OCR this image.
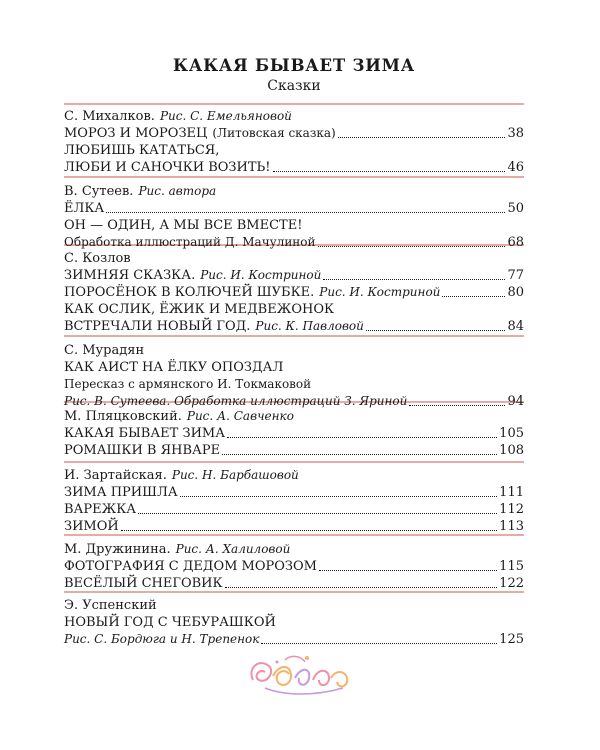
КАКАЯ БЫВАЕТ ЗИМА

Сказки

С. Михалков. Рис. С. Емельяновой
МОРОЗ И МОРОЗЕЦ (Литовская сказка)	38
ЛЮБИШЬ КАТАТЬСЯ,
ЛЮБИ И САНОЧКИ ВОЗИТЬ!	46
В. Сутеев. Рис. автора
ЁЛКА	50
ОН — ОДИН, А МЫ ВСЕ ВМЕСТЕ!
Обработка иллюстраций Д. Мачулиной	68
С. Козлов
ЗИМНЯЯ СКАЗКА. Рис. И. Костриной	77
ПОРОСЁНОК В КОЛЮЧЕЙ ШУБКЕ. Рис. И. Костриной	80
КАК ОСЛИК, ЁЖИК И МЕДВЕЖОНОК
ВСТРЕЧАЛИ НОВЫЙ ГОД. Рис. К. Павловой	84
С. Мурадян
КАК АИСТ НА ЁЛКУ ОПОЗДАЛ
Пересказ с армянского И. Токмаковой
Рис. В. Сутеева. Обработка иллюстраций З. Яриной	94
М. Пляцковский. Рис. А. Савченко
КАКАЯ БЫВАЕТ ЗИМА	105
РОМАШКИ В ЯНВАРЕ	108
И. Зартайская. Рис. Н. Барбашовой
ЗИМА ПРИШЛА	111
ВАРЕЖКА	112
ЗИМОЙ	113
М. Дружинина. Рис. А. Халиловой
ФОТОГРАФИЯ С ДЕДОМ МОРОЗОМ	115
ВЕСЁЛЫЙ СНЕГОВИК	122
Э. Успенский
НОВЫЙ ГОД С ЧЕБУРАШКОЙ
Рис. С. Бордюга и Н. Трепенок	125
